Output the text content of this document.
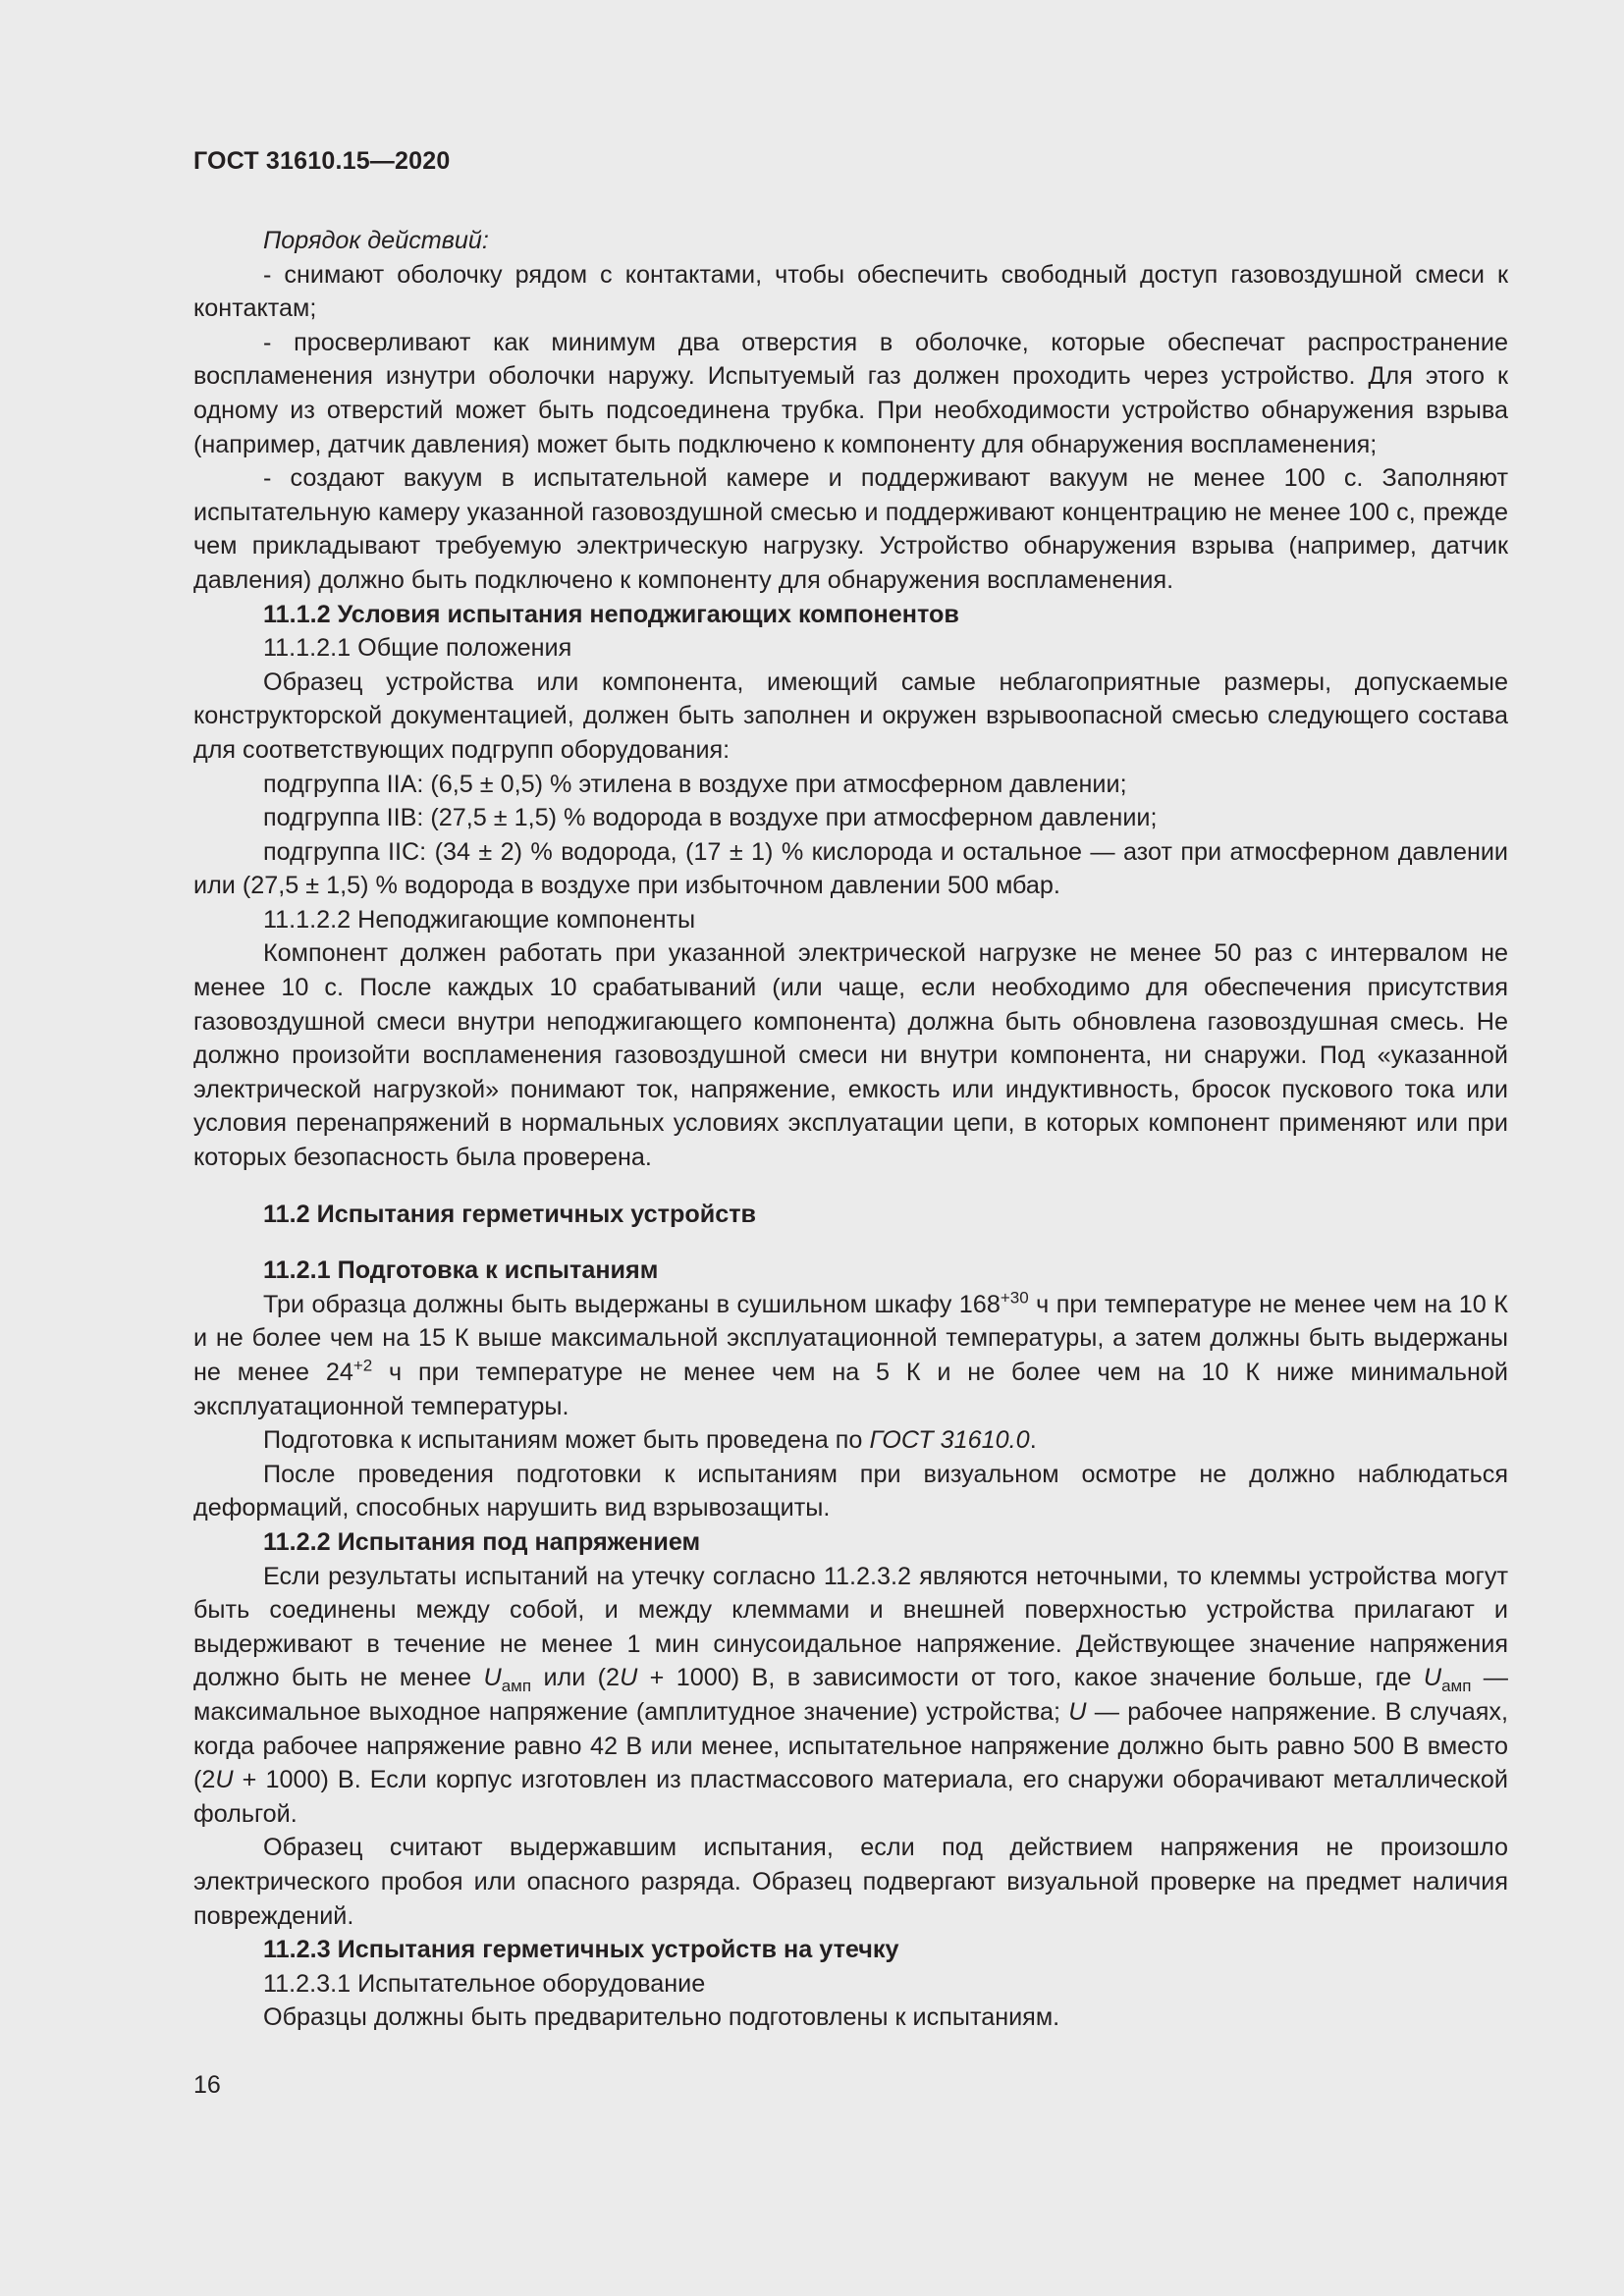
ГОСТ 31610.15—2020

Порядок действий:

- снимают оболочку рядом с контактами, чтобы обеспечить свободный доступ газовоздушной смеси к контактам;

- просверливают как минимум два отверстия в оболочке, которые обеспечат распространение воспламенения изнутри оболочки наружу. Испытуемый газ должен проходить через устройство. Для этого к одному из отверстий может быть подсоединена трубка. При необходимости устройство обнаружения взрыва (например, датчик давления) может быть подключено к компоненту для обнаружения воспламенения;

- создают вакуум в испытательной камере и поддерживают вакуум не менее 100 с. Заполняют испытательную камеру указанной газовоздушной смесью и поддерживают концентрацию не менее 100 с, прежде чем прикладывают требуемую электрическую нагрузку. Устройство обнаружения взрыва (например, датчик давления) должно быть подключено к компоненту для обнаружения воспламенения.

11.1.2 Условия испытания неподжигающих компонентов

11.1.2.1 Общие положения

Образец устройства или компонента, имеющий самые неблагоприятные размеры, допускаемые конструкторской документацией, должен быть заполнен и окружен взрывоопасной смесью следующего состава для соответствующих подгрупп оборудования:

подгруппа IIA: (6,5 ± 0,5) % этилена в воздухе при атмосферном давлении;

подгруппа IIB: (27,5 ± 1,5) % водорода в воздухе при атмосферном давлении;

подгруппа IIC: (34 ± 2) % водорода, (17 ± 1) % кислорода и остальное — азот при атмосферном давлении или (27,5 ± 1,5) % водорода в воздухе при избыточном давлении 500 мбар.

11.1.2.2 Неподжигающие компоненты

Компонент должен работать при указанной электрической нагрузке не менее 50 раз с интервалом не менее 10 с. После каждых 10 срабатываний (или чаще, если необходимо для обеспечения присутствия газовоздушной смеси внутри неподжигающего компонента) должна быть обновлена газовоздушная смесь. Не должно произойти воспламенения газовоздушной смеси ни внутри компонента, ни снаружи. Под «указанной электрической нагрузкой» понимают ток, напряжение, емкость или индуктивность, бросок пускового тока или условия перенапряжений в нормальных условиях эксплуатации цепи, в которых компонент применяют или при которых безопасность была проверена.

11.2 Испытания герметичных устройств

11.2.1 Подготовка к испытаниям

Три образца должны быть выдержаны в сушильном шкафу $168^{+30}$ ч при температуре не менее чем на 10 К и не более чем на 15 К выше максимальной эксплуатационной температуры, а затем должны быть выдержаны не менее $24^{+2}$ ч при температуре не менее чем на 5 К и не более чем на 10 К ниже минимальной эксплуатационной температуры.

Подготовка к испытаниям может быть проведена по ГОСТ 31610.0.

После проведения подготовки к испытаниям при визуальном осмотре не должно наблюдаться деформаций, способных нарушить вид взрывозащиты.

11.2.2 Испытания под напряжением

Если результаты испытаний на утечку согласно 11.2.3.2 являются неточными, то клеммы устройства могут быть соединены между собой, и между клеммами и внешней поверхностью устройства прилагают и выдерживают в течение не менее 1 мин синусоидальное напряжение. Действующее значение напряжения должно быть не менее $U_{амп}$ или (2U + 1000) В, в зависимости от того, какое значение больше, где $U_{амп}$ — максимальное выходное напряжение (амплитудное значение) устройства; U — рабочее напряжение. В случаях, когда рабочее напряжение равно 42 В или менее, испытательное напряжение должно быть равно 500 В вместо (2U + 1000) В. Если корпус изготовлен из пластмассового материала, его снаружи оборачивают металлической фольгой.

Образец считают выдержавшим испытания, если под действием напряжения не произошло электрического пробоя или опасного разряда. Образец подвергают визуальной проверке на предмет наличия повреждений.

11.2.3 Испытания герметичных устройств на утечку

11.2.3.1 Испытательное оборудование

Образцы должны быть предварительно подготовлены к испытаниям.

16
